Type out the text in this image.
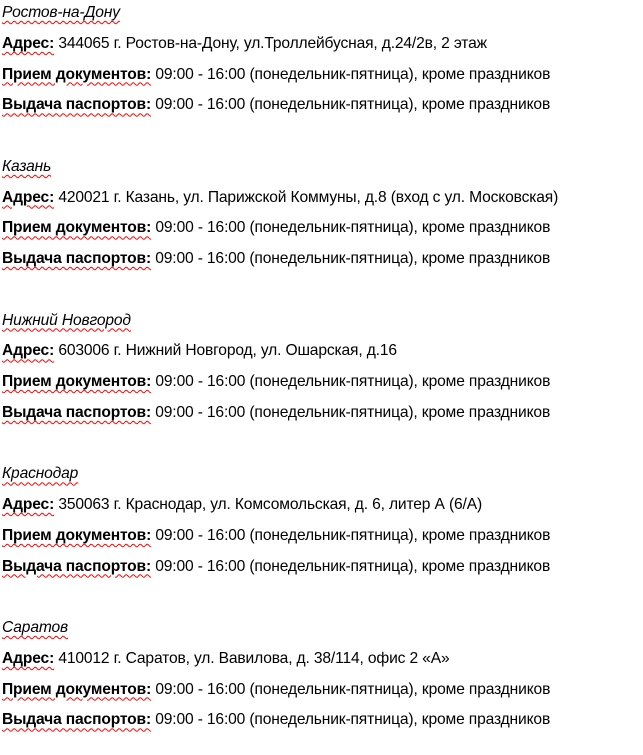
Ростов-на-Дону
Адрес: 344065 г. Ростов-на-Дону, ул.Троллейбусная, д.24/2в, 2 этаж
Прием документов: 09:00 - 16:00 (понедельник-пятница), кроме праздников
Выдача паспортов: 09:00 - 16:00 (понедельник-пятница), кроме праздников
Казань
Адрес: 420021 г. Казань, ул. Парижской Коммуны, д.8 (вход с ул. Московская)
Прием документов: 09:00 - 16:00 (понедельник-пятница), кроме праздников
Выдача паспортов: 09:00 - 16:00 (понедельник-пятница), кроме праздников
Нижний Новгород
Адрес: 603006 г. Нижний Новгород, ул. Ошарская, д.16
Прием документов: 09:00 - 16:00 (понедельник-пятница), кроме праздников
Выдача паспортов: 09:00 - 16:00 (понедельник-пятница), кроме праздников
Краснодар
Адрес: 350063 г. Краснодар, ул. Комсомольская, д. 6, литер А (6/А)
Прием документов: 09:00 - 16:00 (понедельник-пятница), кроме праздников
Выдача паспортов: 09:00 - 16:00 (понедельник-пятница), кроме праздников
Саратов
Адрес: 410012 г. Саратов, ул. Вавилова, д. 38/114, офис 2 «А»
Прием документов: 09:00 - 16:00 (понедельник-пятница), кроме праздников
Выдача паспортов: 09:00 - 16:00 (понедельник-пятница), кроме праздников
